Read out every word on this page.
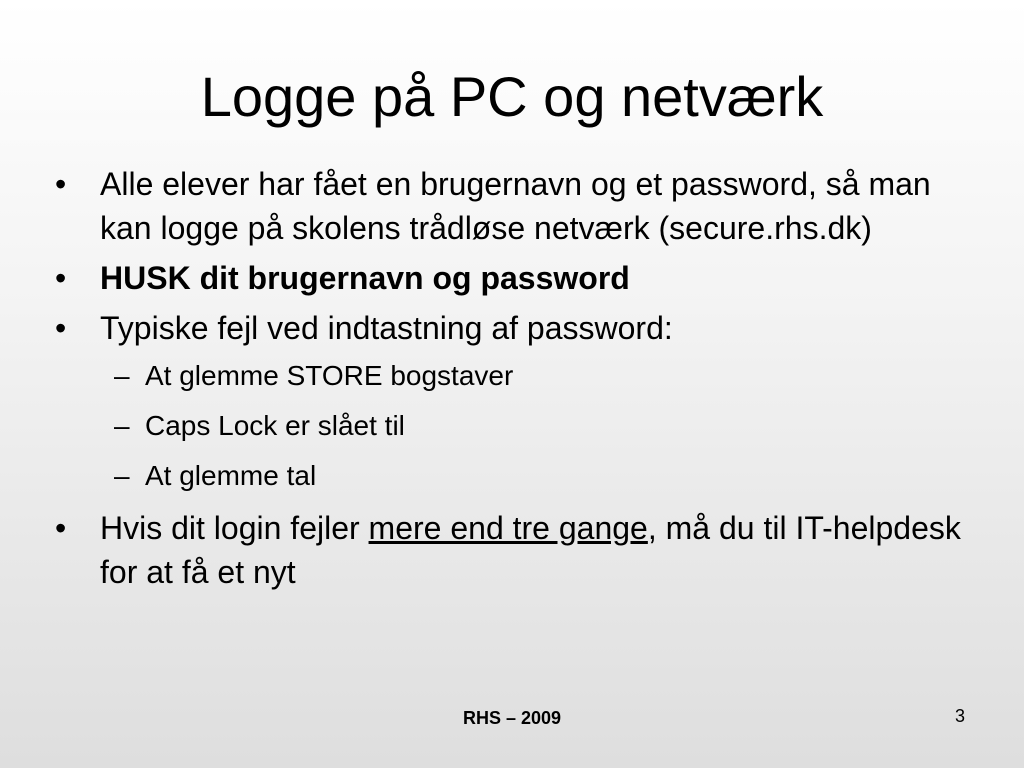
Logge på PC og netværk
•	Alle elever har fået en brugernavn og et password, så man kan logge på skolens trådløse netværk (secure.rhs.dk)
•	HUSK dit brugernavn og password
•	Typiske fejl ved indtastning af password:
– At glemme STORE bogstaver
– Caps Lock er slået til
– At glemme tal
•	Hvis dit login fejler mere end tre gange, må du til IT-helpdesk for at få et nyt
RHS – 2009	3
